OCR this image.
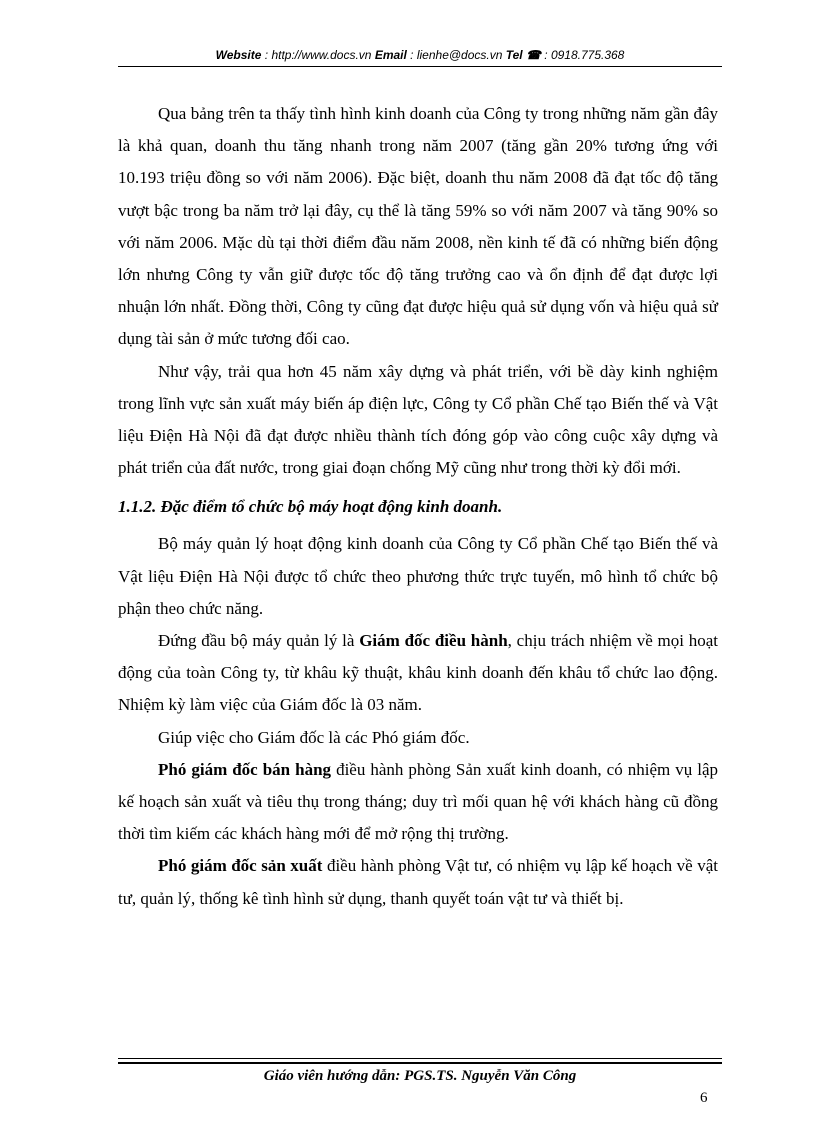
Website : http://www.docs.vn Email : lienhe@docs.vn Tel ☎ : 0918.775.368

Qua bảng trên ta thấy tình hình kinh doanh của Công ty trong những năm gần đây là khả quan, doanh thu tăng nhanh trong năm 2007 (tăng gần 20% tương ứng với 10.193 triệu đồng so với năm 2006). Đặc biệt, doanh thu năm 2008 đã đạt tốc độ tăng vượt bậc trong ba năm trở lại đây, cụ thể là tăng 59% so với năm 2007 và tăng 90% so với năm 2006. Mặc dù tại thời điểm đầu năm 2008, nền kinh tế đã có những biến động lớn nhưng Công ty vẫn giữ được tốc độ tăng trưởng cao và ổn định để đạt được lợi nhuận lớn nhất. Đồng thời, Công ty cũng đạt được hiệu quả sử dụng vốn và hiệu quả sử dụng tài sản ở mức tương đối cao.

Như vậy, trải qua hơn 45 năm xây dựng và phát triển, với bề dày kinh nghiệm trong lĩnh vực sản xuất máy biến áp điện lực, Công ty Cổ phần Chế tạo Biến thế và Vật liệu Điện Hà Nội đã đạt được nhiều thành tích đóng góp vào công cuộc xây dựng và phát triển của đất nước, trong giai đoạn chống Mỹ cũng như trong thời kỳ đổi mới.

1.1.2. Đặc điểm tổ chức bộ máy hoạt động kinh doanh.

Bộ máy quản lý hoạt động kinh doanh của Công ty Cổ phần Chế tạo Biến thế và Vật liệu Điện Hà Nội được tổ chức theo phương thức trực tuyến, mô hình tổ chức bộ phận theo chức năng.

Đứng đầu bộ máy quản lý là Giám đốc điều hành, chịu trách nhiệm về mọi hoạt động của toàn Công ty, từ khâu kỹ thuật, khâu kinh doanh đến khâu tổ chức lao động. Nhiệm kỳ làm việc của Giám đốc là 03 năm.

Giúp việc cho Giám đốc là các Phó giám đốc.

Phó giám đốc bán hàng điều hành phòng Sản xuất kinh doanh, có nhiệm vụ lập kế hoạch sản xuất và tiêu thụ trong tháng; duy trì mối quan hệ với khách hàng cũ đồng thời tìm kiếm các khách hàng mới để mở rộng thị trường.

Phó giám đốc sản xuất điều hành phòng Vật tư, có nhiệm vụ lập kế hoạch về vật tư, quản lý, thống kê tình hình sử dụng, thanh quyết toán vật tư và thiết bị.

Giáo viên hướng dẫn: PGS.TS. Nguyễn Văn Công
6
